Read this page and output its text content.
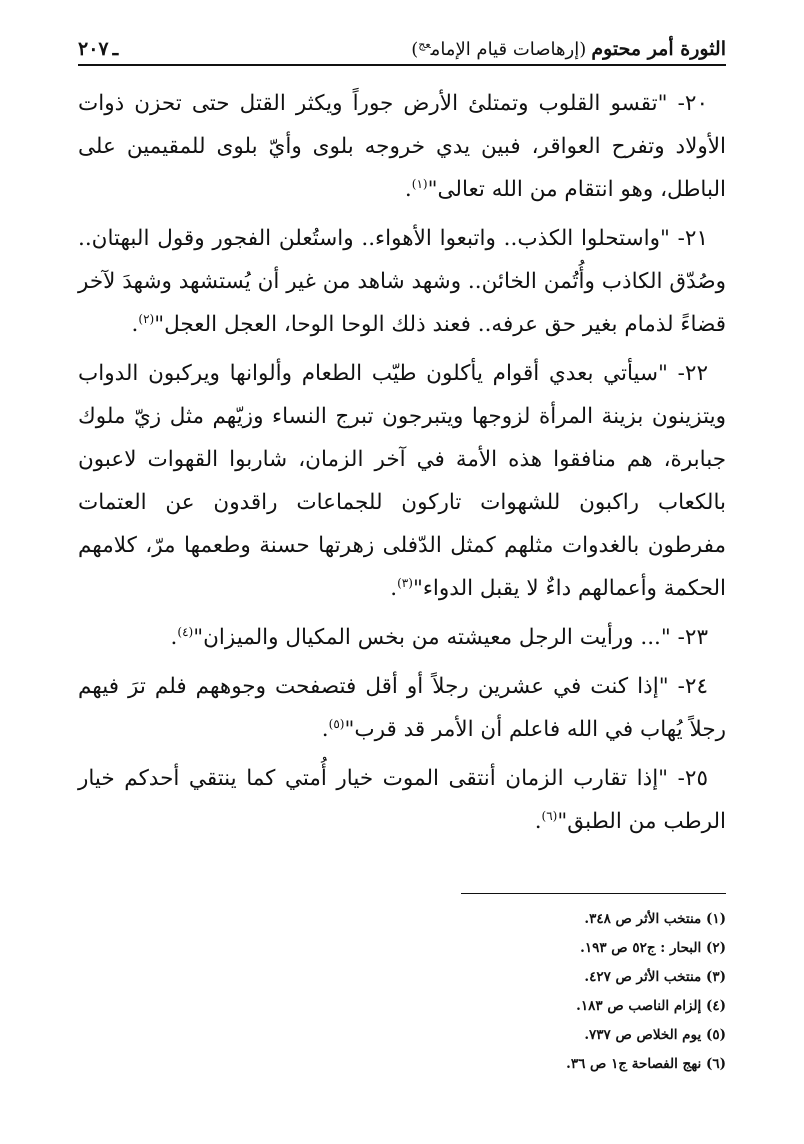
الثورة أمر محتوم (إرهاصات قيام الإمام$^{عج}$)
ـ٢٠٧

٢٠- "تقسو القلوب وتمتلئ الأرض جوراً ويكثر القتل حتى تحزن ذوات الأولاد وتفرح العواقر، فبين يدي خروجه بلوى وأيّ بلوى للمقيمين على الباطل، وهو انتقام من الله تعالى"$^{(١)}$.

٢١- "واستحلوا الكذب.. واتبعوا الأهواء.. واستُعلن الفجور وقول البهتان.. وصُدّق الكاذب وأُتُمن الخائن.. وشهد شاهد من غير أن يُستشهد وشهدَ لآخر قضاءً لذمام بغير حق عرفه.. فعند ذلك الوحا الوحا، العجل العجل"$^{(٢)}$.

٢٢- "سيأتي بعدي أقوام يأكلون طيّب الطعام وألوانها ويركبون الدواب ويتزينون بزينة المرأة لزوجها ويتبرجون تبرج النساء وزيّهم مثل زيّ ملوك جبابرة، هم منافقوا هذه الأمة في آخر الزمان، شاربوا القهوات لاعبون بالكعاب راكبون للشهوات تاركون للجماعات راقدون عن العتمات مفرطون بالغدوات مثلهم كمثل الدّفلى زهرتها حسنة وطعمها مرّ، كلامهم الحكمة وأعمالهم داءٌ لا يقبل الدواء"$^{(٣)}$.

٢٣- "... ورأيت الرجل معيشته من بخس المكيال والميزان"$^{(٤)}$.

٢٤- "إذا كنت في عشرين رجلاً أو أقل فتصفحت وجوههم فلم ترَ فيهم رجلاً يُهاب في الله فاعلم أن الأمر قد قرب"$^{(٥)}$.

٢٥- "إذا تقارب الزمان أنتقى الموت خيار أُمتي كما ينتقي أحدكم خيار الرطب من الطبق"$^{(٦)}$.

(١) منتخب الأثر ص ٣٤٨.
(٢) البحار : ج٥٢ ص ١٩٣.
(٣) منتخب الأثر ص ٤٢٧.
(٤) إلزام الناصب ص ١٨٣.
(٥) يوم الخلاص ص ٧٣٧.
(٦) نهج الفصاحة ج١ ص ٣٦.
